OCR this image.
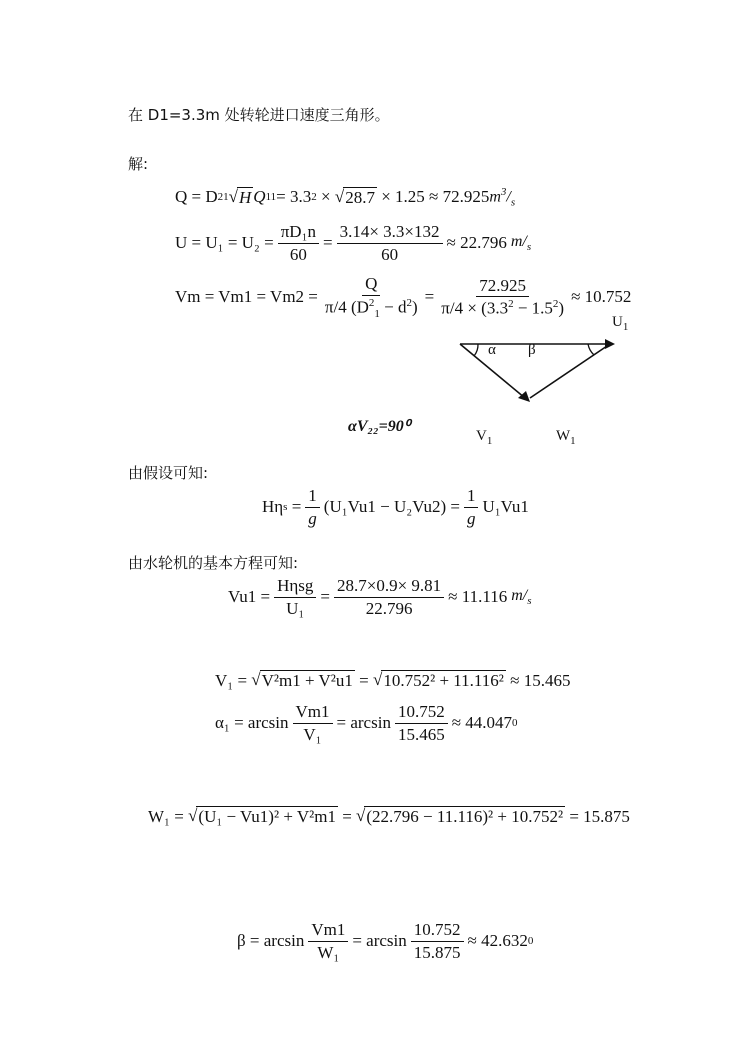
在 D1=3.3m 处转轮进口速度三角形。
解:
Q = D 2 1 √ H Q 11 = 3.3 2 × √ 28.7
× 1.25 ≈ 72.925 $m^3/_s$
$U = U_1 = U_2 = \frac{\text{πD₁n}}{60} = \frac{3.14\times 3.3\times 132}{60} \approx 22.796$ $m/_s$
$Vm = Vm1 = Vm2 = \frac{Q}{\pi/4 (D^2_1 - d^2)} = \frac{72.925}{\pi/4 \times (3.3^2 - 1.5^2)} \approx 10.752$
$U_1$
α β
$V_1$	$W_1$
αV₂₂=90⁰
由假设可知:
Hη $s = \frac{1}{g} (U_1Vu1 - U_2Vu2) = \frac{1}{g} U_1Vu1$
由水轮机的基本方程可知:
$Vu1 = \frac{\text{Hηsg}}{\text{U₁}} = \frac{28.7\times 0.9\times 9.81}{22.796} \approx 11.116$ $m/_s$
V₁ =
√ V²m1 + V²u1 = √ 10.752² + 11.116²
≈ 15.465
$\alpha_1 = \arcsin \frac{Vm1}{\text{V₁}} = \arcsin \frac{10.752}{15.465} \approx 44.047$ 0
W₁ =
√ (U₁ − Vu1)² + V²m1 = √ (22.796 − 11.116)² + 10.752²
= 15.875
$\beta = \arcsin \frac{Vm1}{\text{W₁}} = \arcsin \frac{10.752}{15.875} \approx 42.632$ 0
